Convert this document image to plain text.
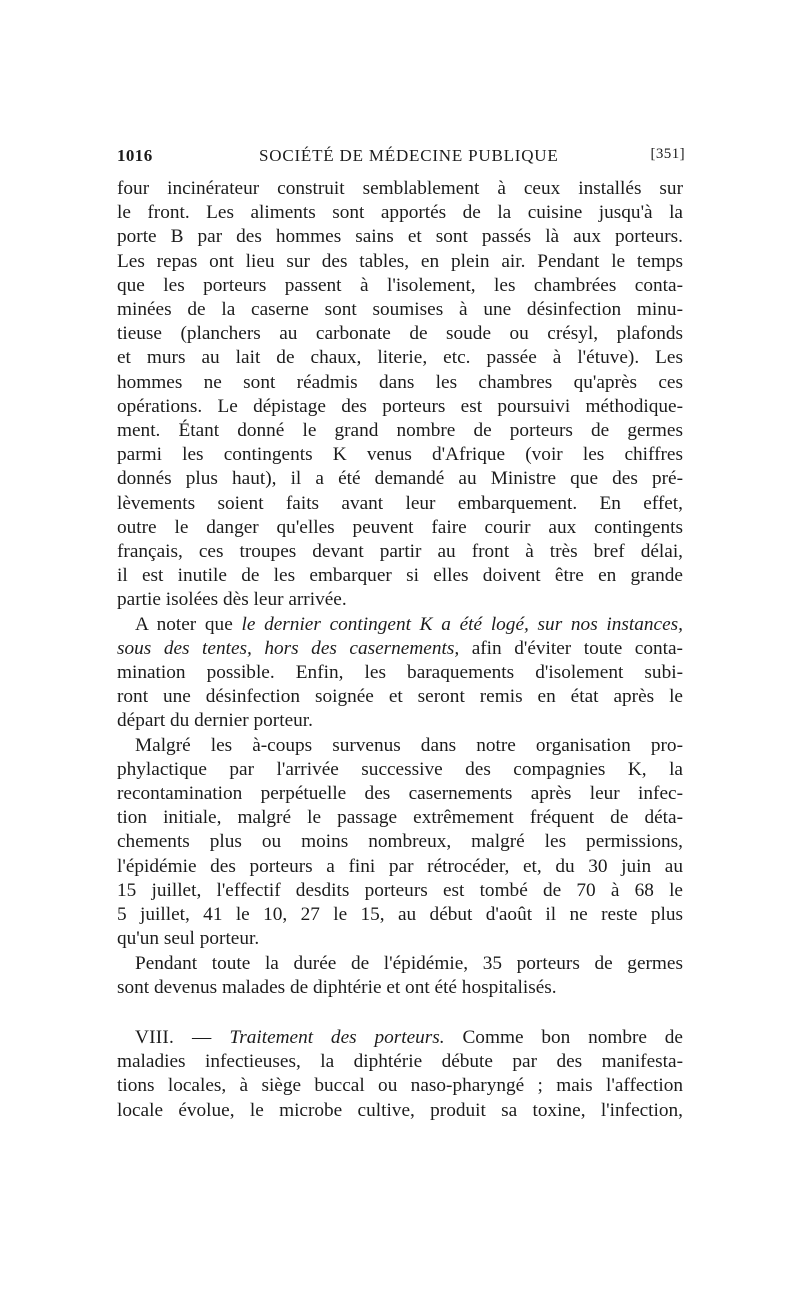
1016	SOCIÉTÉ DE MÉDECINE PUBLIQUE	[351]

four incinérateur construit semblablement à ceux installés sur
le front. Les aliments sont apportés de la cuisine jusqu'à la
porte B par des hommes sains et sont passés là aux porteurs.
Les repas ont lieu sur des tables, en plein air. Pendant le temps
que les porteurs passent à l'isolement, les chambrées conta-
minées de la caserne sont soumises à une désinfection minu-
tieuse (planchers au carbonate de soude ou crésyl, plafonds
et murs au lait de chaux, literie, etc. passée à l'étuve). Les
hommes ne sont réadmis dans les chambres qu'après ces
opérations. Le dépistage des porteurs est poursuivi méthodique-
ment. Étant donné le grand nombre de porteurs de germes
parmi les contingents K venus d'Afrique (voir les chiffres
donnés plus haut), il a été demandé au Ministre que des pré-
lèvements soient faits avant leur embarquement. En effet,
outre le danger qu'elles peuvent faire courir aux contingents
français, ces troupes devant partir au front à très bref délai,
il est inutile de les embarquer si elles doivent être en grande
partie isolées dès leur arrivée.

A noter que le dernier contingent K a été logé, sur nos instances,
sous des tentes, hors des casernements, afin d'éviter toute conta-
mination possible. Enfin, les baraquements d'isolement subi-
ront une désinfection soignée et seront remis en état après le
départ du dernier porteur.

Malgré les à-coups survenus dans notre organisation pro-
phylactique par l'arrivée successive des compagnies K, la
recontamination perpétuelle des casernements après leur infec-
tion initiale, malgré le passage extrêmement fréquent de déta-
chements plus ou moins nombreux, malgré les permissions,
l'épidémie des porteurs a fini par rétrocéder, et, du 30 juin au
15 juillet, l'effectif desdits porteurs est tombé de 70 à 68 le
5 juillet, 41 le 10, 27 le 15, au début d'août il ne reste plus
qu'un seul porteur.

Pendant toute la durée de l'épidémie, 35 porteurs de germes
sont devenus malades de diphtérie et ont été hospitalisés.

VIII. — Traitement des porteurs. Comme bon nombre de
maladies infectieuses, la diphtérie débute par des manifesta-
tions locales, à siège buccal ou naso-pharyngé ; mais l'affection
locale évolue, le microbe cultive, produit sa toxine, l'infection,
